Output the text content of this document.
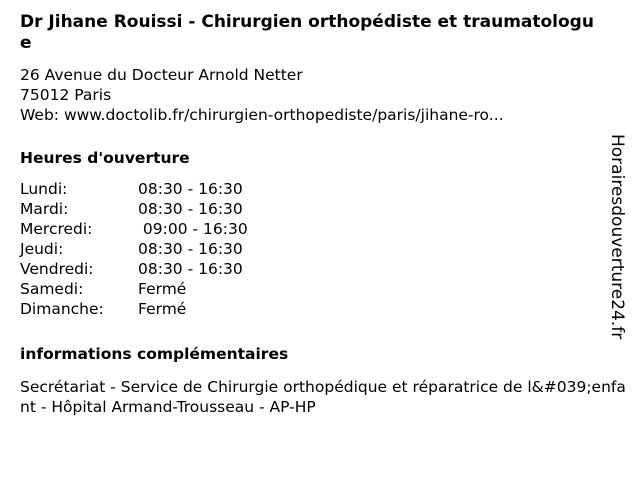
Dr Jihane Rouissi - Chirurgien orthopédiste et traumatologue
26 Avenue du Docteur Arnold Netter
75012 Paris
Web: www.doctolib.fr/chirurgien-orthopediste/paris/jihane-ro...
Heures d'ouverture
Lundi:	08:30 - 16:30
Mardi:	08:30 - 16:30
Mercredi:	09:00 - 16:30
Jeudi:	08:30 - 16:30
Vendredi:	08:30 - 16:30
Samedi:	Fermé
Dimanche:	Fermé
informations complémentaires
Secrétariat - Service de Chirurgie orthopédique et réparatrice de l&#039;enfant - Hôpital Armand-Trousseau - AP-HP
Horairesdouverture24.fr
